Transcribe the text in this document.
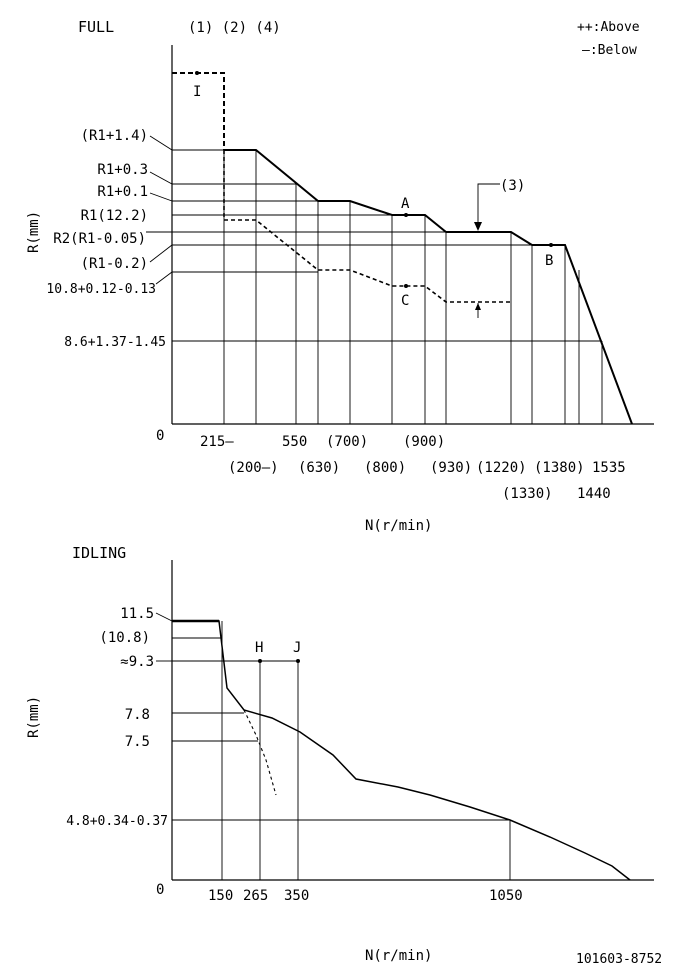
FULL	(1) (2) (4)	++:Above
—:Below
R(mm)
N(r/min)
0
I
A
B
C
(3)
(R1+1.4)
R1+0.3
R1+0.1
R1(12.2)
R2(R1-0.05)
(R1-0.2)
10.8+0.12-0.13
8.6+1.37-1.45
215—	550 (700) (900)
(200—) (630) (800) (930) (1220) (1380) 1535
(1330) 1440
IDLING
R(mm)
N(r/min)
0
H J
11.5
(10.8)
≈9.3
7.8
7.5
4.8+0.34-0.37
150 265 350	1050
101603-8752
